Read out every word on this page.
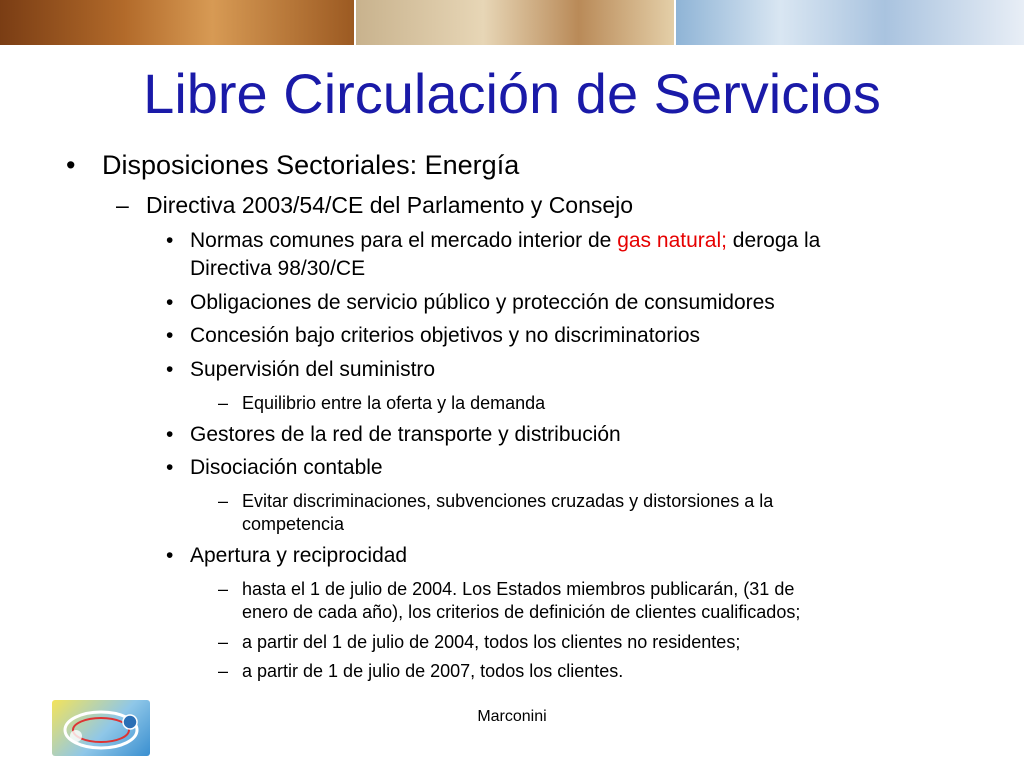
Libre Circulación de Servicios
• Disposiciones Sectoriales: Energía
– Directiva 2003/54/CE del Parlamento y Consejo
• Normas comunes para el mercado interior de gas natural; deroga la
Directiva 98/30/CE
• Obligaciones de servicio público y protección de consumidores
• Concesión bajo criterios objetivos y no discriminatorios
• Supervisión del suministro
– Equilibrio entre la oferta y la demanda
• Gestores de la red de transporte y distribución
• Disociación contable
– Evitar discriminaciones, subvenciones cruzadas y distorsiones a la
competencia
• Apertura y reciprocidad
– hasta el 1 de julio de 2004. Los Estados miembros publicarán, (31 de
enero de cada año), los criterios de definición de clientes cualificados;
– a partir del 1 de julio de 2004, todos los clientes no residentes;
– a partir de 1 de julio de 2007, todos los clientes.
Marconini
